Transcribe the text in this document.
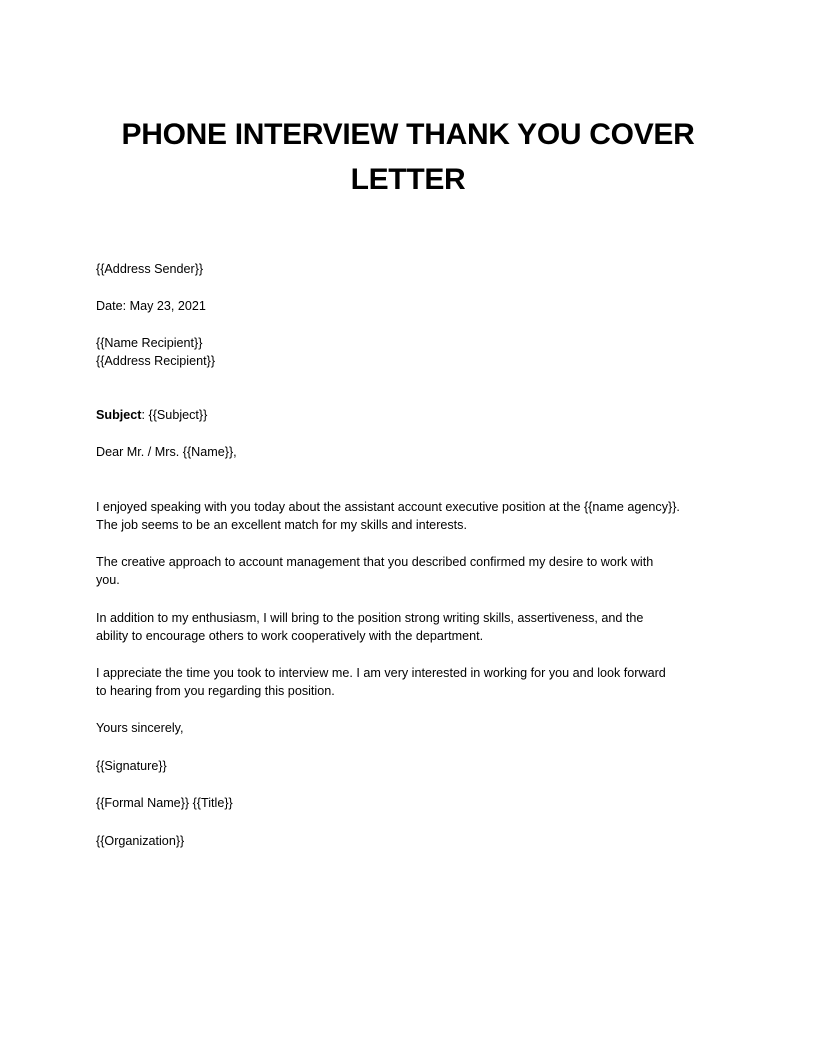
PHONE INTERVIEW THANK YOU COVER LETTER

{{Address Sender}}

Date: May 23, 2021

{{Name Recipient}}

{{Address Recipient}}

Subject: {{Subject}}

Dear Mr. / Mrs. {{Name}},

I enjoyed speaking with you today about the assistant account executive position at the {{name agency}}.

The job seems to be an excellent match for my skills and interests.

The creative approach to account management that you described confirmed my desire to work with

you.

In addition to my enthusiasm, I will bring to the position strong writing skills, assertiveness, and the

ability to encourage others to work cooperatively with the department.

I appreciate the time you took to interview me. I am very interested in working for you and look forward

to hearing from you regarding this position.

Yours sincerely,

{{Signature}}

{{Formal Name}} {{Title}}

{{Organization}}
